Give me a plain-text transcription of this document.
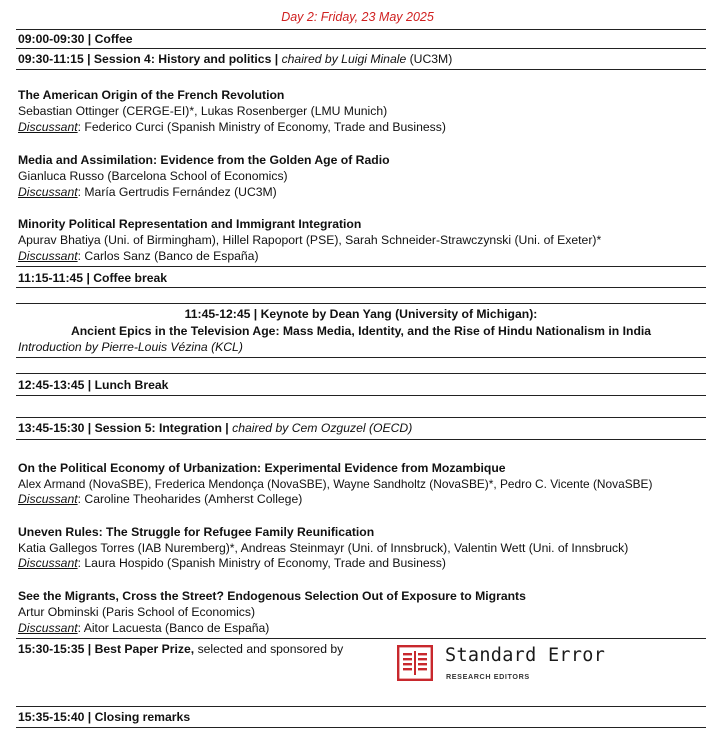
Day 2: Friday, 23 May 2025
09:00-09:30 | Coffee
09:30-11:15 | Session 4: History and politics | chaired by Luigi Minale (UC3M)
The American Origin of the French Revolution
Sebastian Ottinger (CERGE-EI)*, Lukas Rosenberger (LMU Munich)
Discussant: Federico Curci (Spanish Ministry of Economy, Trade and Business)
Media and Assimilation: Evidence from the Golden Age of Radio
Gianluca Russo (Barcelona School of Economics)
Discussant: María Gertrudis Fernández (UC3M)
Minority Political Representation and Immigrant Integration
Apurav Bhatiya (Uni. of Birmingham), Hillel Rapoport (PSE), Sarah Schneider-Strawczynski (Uni. of Exeter)*
Discussant: Carlos Sanz (Banco de España)
11:15-11:45 | Coffee break
11:45-12:45 | Keynote by Dean Yang (University of Michigan):
Ancient Epics in the Television Age: Mass Media, Identity, and the Rise of Hindu Nationalism in India
Introduction by Pierre-Louis Vézina (KCL)
12:45-13:45 | Lunch Break
13:45-15:30 | Session 5: Integration | chaired by Cem Ozguzel (OECD)
On the Political Economy of Urbanization: Experimental Evidence from Mozambique
Alex Armand (NovaSBE), Frederica Mendonça (NovaSBE), Wayne Sandholtz (NovaSBE)*, Pedro C. Vicente (NovaSBE)
Discussant: Caroline Theoharides (Amherst College)
Uneven Rules: The Struggle for Refugee Family Reunification
Katia Gallegos Torres (IAB Nuremberg)*, Andreas Steinmayr (Uni. of Innsbruck), Valentin Wett (Uni. of Innsbruck)
Discussant: Laura Hospido (Spanish Ministry of Economy, Trade and Business)
See the Migrants, Cross the Street? Endogenous Selection Out of Exposure to Migrants
Artur Obminski (Paris School of Economics)
Discussant: Aitor Lacuesta (Banco de España)
15:30-15:35 | Best Paper Prize, selected and sponsored by	Standard Error
RESEARCH EDITORS
15:35-15:40 | Closing remarks
